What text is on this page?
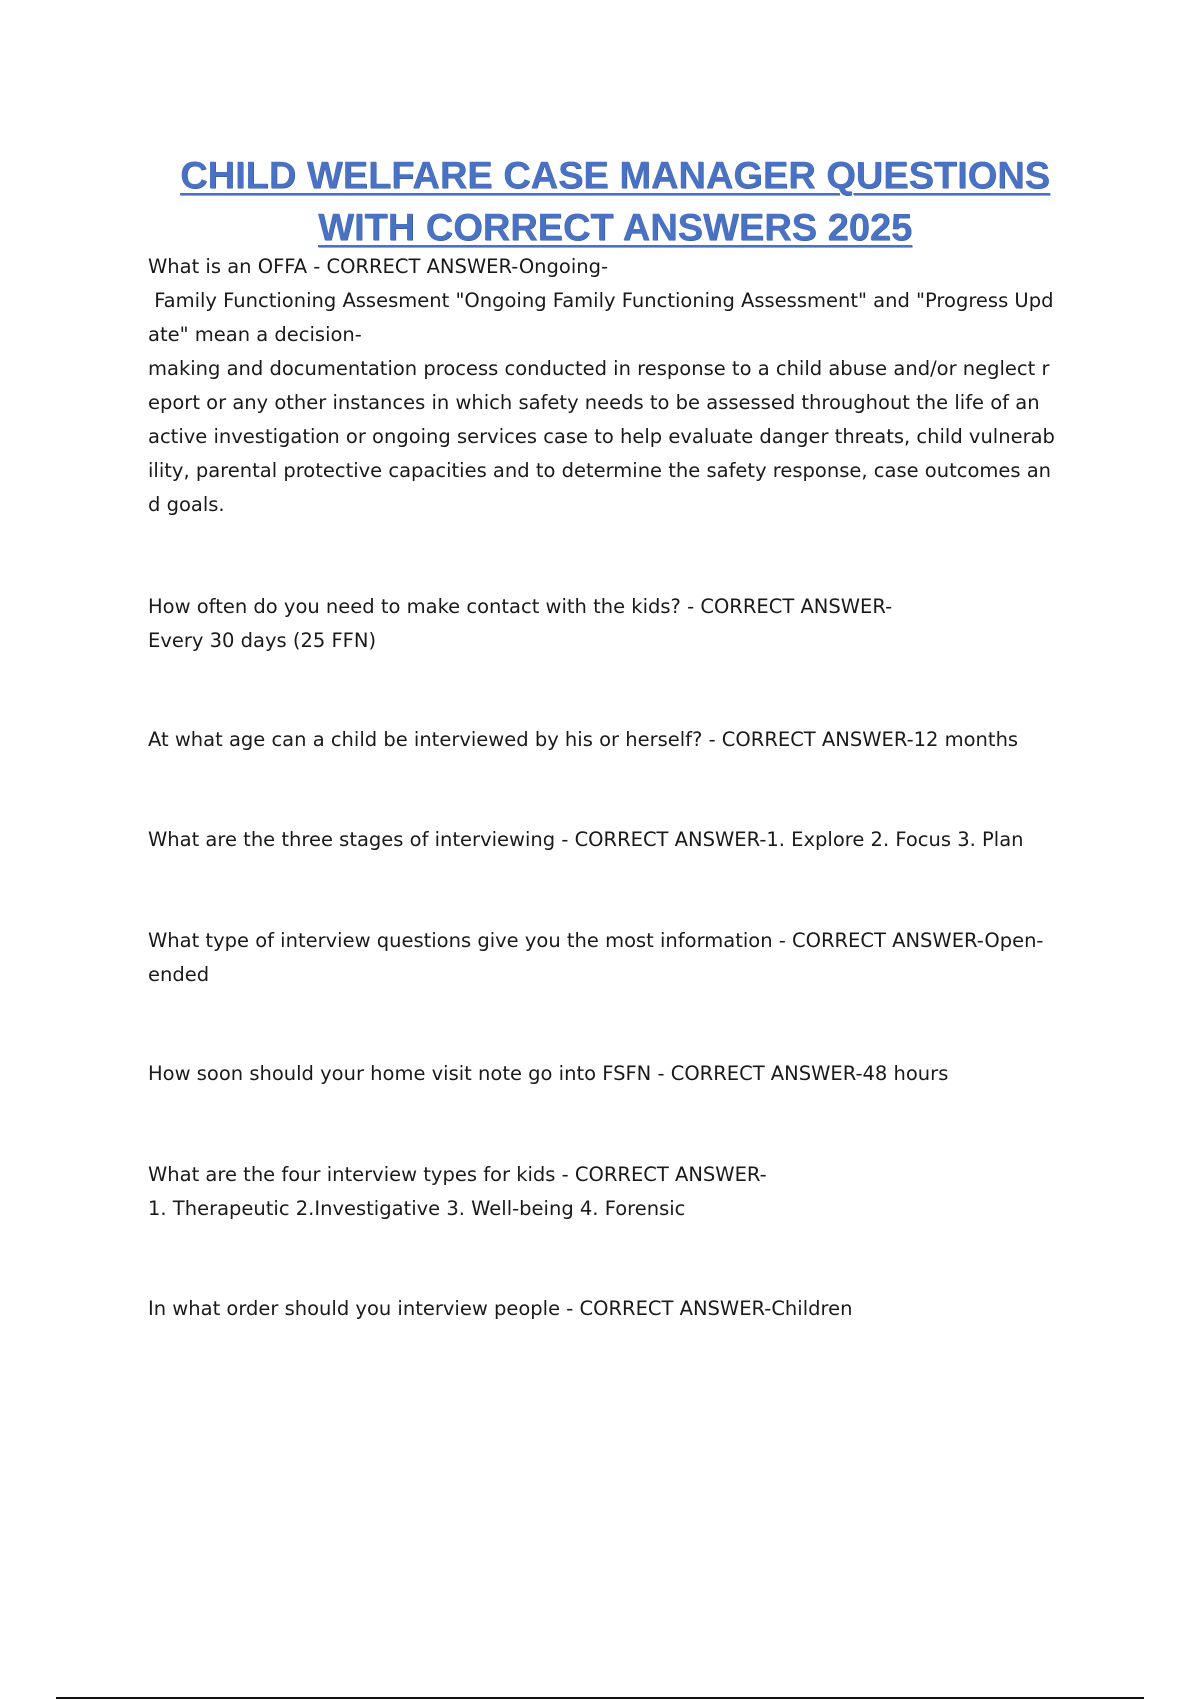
CHILD WELFARE CASE MANAGER QUESTIONS
WITH CORRECT ANSWERS 2025

What is an OFFA - CORRECT ANSWER-Ongoing-
Family Functioning Assesment "Ongoing Family Functioning Assessment" and "Progress Upd
ate" mean a decision-
making and documentation process conducted in response to a child abuse and/or neglect r
eport or any other instances in which safety needs to be assessed throughout the life of an
active investigation or ongoing services case to help evaluate danger threats, child vulnerab
ility, parental protective capacities and to determine the safety response, case outcomes an
d goals.

How often do you need to make contact with the kids? - CORRECT ANSWER-
Every 30 days (25 FFN)

At what age can a child be interviewed by his or herself? - CORRECT ANSWER-12 months

What are the three stages of interviewing - CORRECT ANSWER-1. Explore 2. Focus 3. Plan

What type of interview questions give you the most information - CORRECT ANSWER-Open-
ended

How soon should your home visit note go into FSFN - CORRECT ANSWER-48 hours

What are the four interview types for kids - CORRECT ANSWER-
1. Therapeutic 2.Investigative 3. Well-being 4. Forensic

In what order should you interview people - CORRECT ANSWER-Children
